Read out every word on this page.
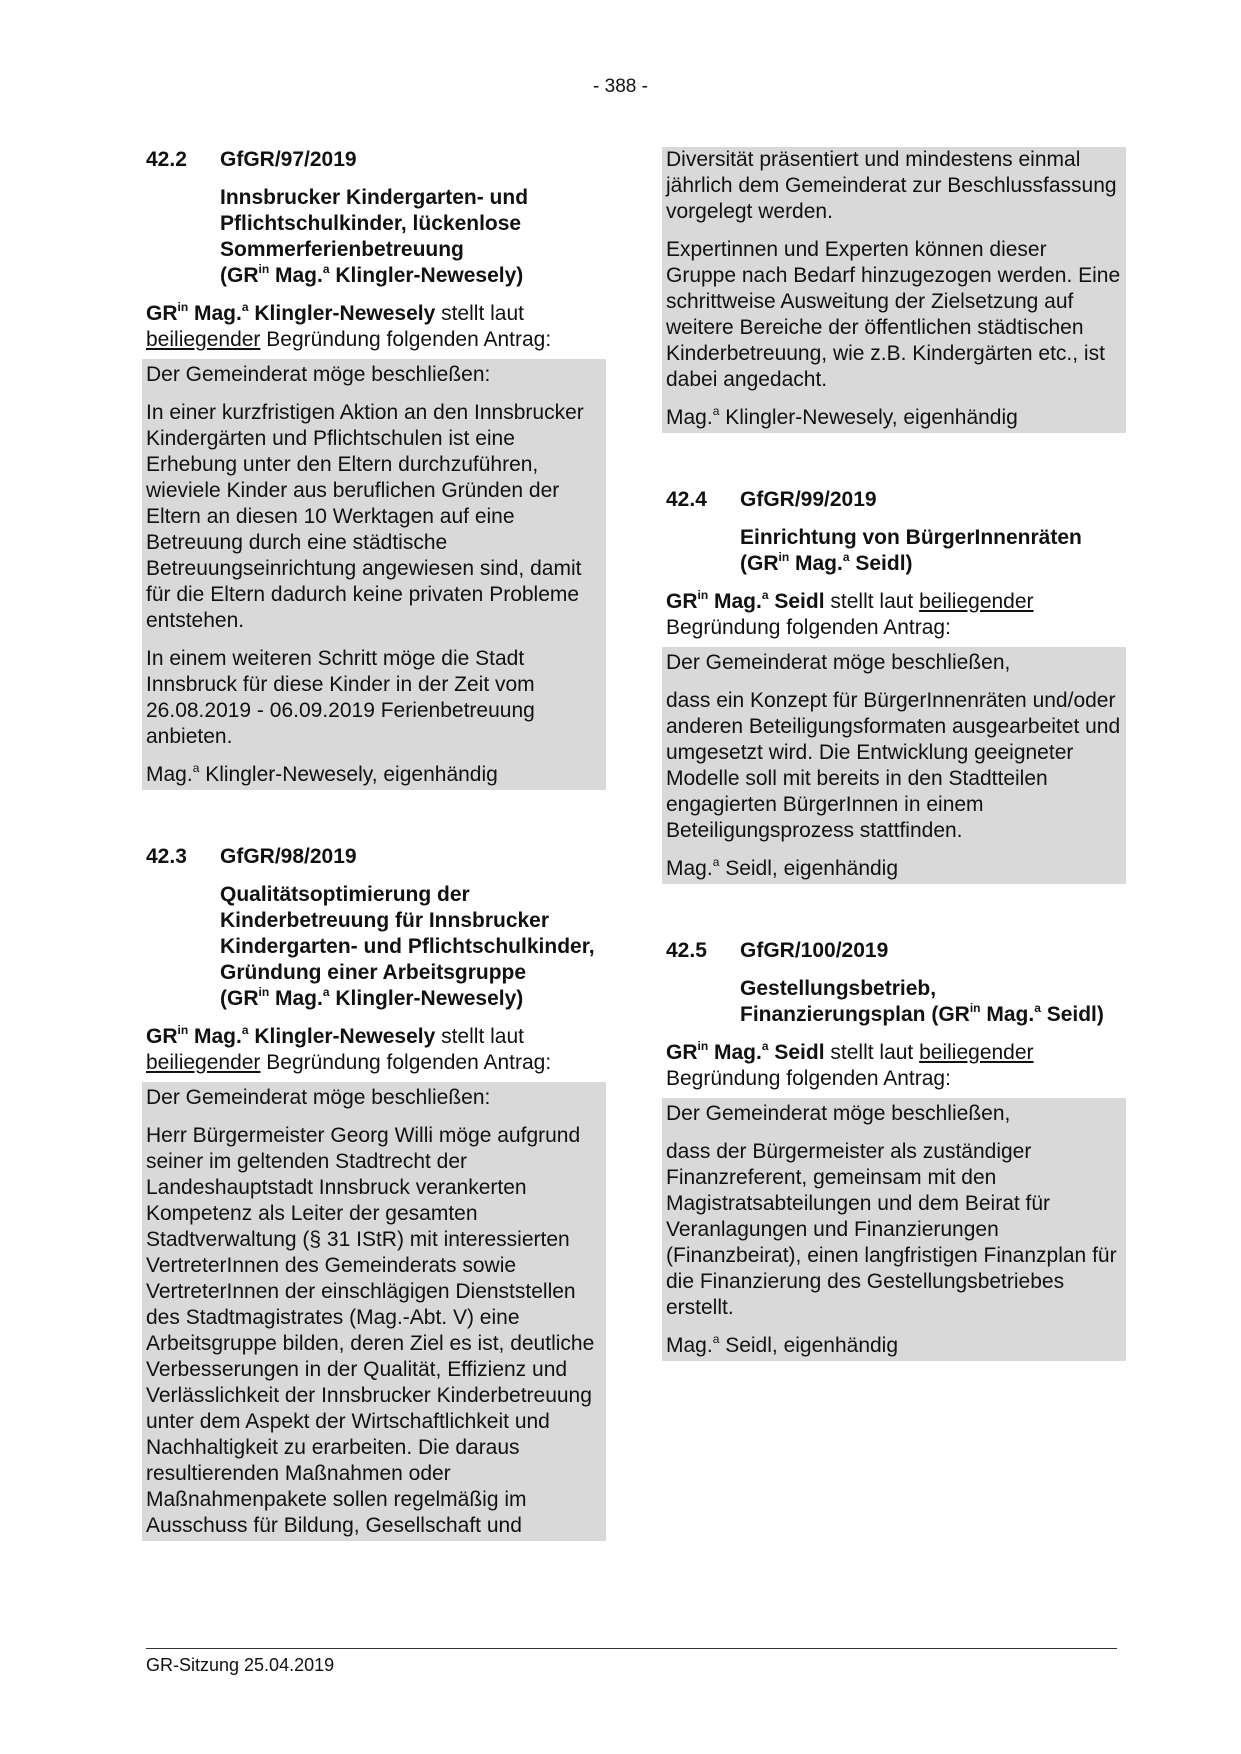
- 388 -
42.2	GfGR/97/2019
Innsbrucker Kindergarten- und
Pflichtschulkinder, lückenlose
Sommerferienbetreuung
($GR^{in}$ Mag.$^a$ Klingler-Newesely)

$GR^{in}$ Mag.$^a$ Klingler-Newesely stellt laut
beiliegender Begründung folgenden Antrag:

Der Gemeinderat möge beschließen:

In einer kurzfristigen Aktion an den Innsbrucker Kindergärten und Pflichtschulen ist eine Erhebung unter den Eltern durchzuführen, wieviele Kinder aus beruflichen Gründen der Eltern an diesen 10 Werktagen auf eine Betreuung durch eine städtische Betreuungseinrichtung angewiesen sind, damit für die Eltern dadurch keine privaten Probleme entstehen.

In einem weiteren Schritt möge die Stadt Innsbruck für diese Kinder in der Zeit vom 26.08.2019 - 06.09.2019 Ferienbetreuung anbieten.

Mag.$^a$ Klingler-Newesely, eigenhändig

42.3	GfGR/98/2019
Qualitätsoptimierung der Kinderbetreuung für Innsbrucker Kindergarten- und Pflichtschulkinder, Gründung einer Arbeitsgruppe
($GR^{in}$ Mag.$^a$ Klingler-Newesely)

$GR^{in}$ Mag.$^a$ Klingler-Newesely stellt laut
beiliegender Begründung folgenden Antrag:

Der Gemeinderat möge beschließen:

Herr Bürgermeister Georg Willi möge aufgrund seiner im geltenden Stadtrecht der Landeshauptstadt Innsbruck verankerten Kompetenz als Leiter der gesamten Stadtverwaltung (§ 31 IStR) mit interessierten VertreterInnen des Gemeinderats sowie VertreterInnen der einschlägigen Dienststellen des Stadtmagistrates (Mag.-Abt. V) eine Arbeitsgruppe bilden, deren Ziel es ist, deutliche Verbesserungen in der Qualität, Effizienz und Verlässlichkeit der Innsbrucker Kinderbetreuung unter dem Aspekt der Wirtschaftlichkeit und Nachhaltigkeit zu erarbeiten. Die daraus resultierenden Maßnahmen oder Maßnahmenpakete sollen regelmäßig im Ausschuss für Bildung, Gesellschaft und

Diversität präsentiert und mindestens einmal jährlich dem Gemeinderat zur Beschlussfassung vorgelegt werden.

Expertinnen und Experten können dieser Gruppe nach Bedarf hinzugezogen werden. Eine schrittweise Ausweitung der Zielsetzung auf weitere Bereiche der öffentlichen städtischen Kinderbetreuung, wie z.B. Kindergärten etc., ist dabei angedacht.

Mag.$^a$ Klingler-Newesely, eigenhändig

42.4	GfGR/99/2019
Einrichtung von BürgerInnenräten
($GR^{in}$ Mag.$^a$ Seidl)

$GR^{in}$ Mag.$^a$ Seidl stellt laut beiliegender
Begründung folgenden Antrag:

Der Gemeinderat möge beschließen,

dass ein Konzept für BürgerInnenräten und/oder anderen Beteiligungsformaten ausgearbeitet und umgesetzt wird. Die Entwicklung geeigneter Modelle soll mit bereits in den Stadtteilen engagierten BürgerInnen in einem Beteiligungsprozess stattfinden.

Mag.$^a$ Seidl, eigenhändig

42.5	GfGR/100/2019
Gestellungsbetrieb, Finanzierungsplan ($GR^{in}$ Mag.$^a$ Seidl)

$GR^{in}$ Mag.$^a$ Seidl stellt laut beiliegender
Begründung folgenden Antrag:

Der Gemeinderat möge beschließen,

dass der Bürgermeister als zuständiger Finanzreferent, gemeinsam mit den Magistratsabteilungen und dem Beirat für Veranlagungen und Finanzierungen (Finanzbeirat), einen langfristigen Finanzplan für die Finanzierung des Gestellungsbetriebes erstellt.

Mag.$^a$ Seidl, eigenhändig

GR-Sitzung 25.04.2019
